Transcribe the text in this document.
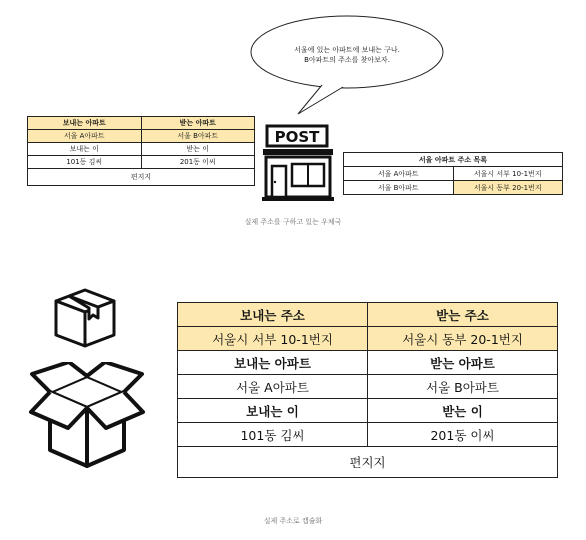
서울에 있는 아파트에 보내는 구나.
B아파트의 주소를 찾아보자.
보내는 아파트	받는 아파트
서울 A아파트	서울 B아파트
보내는 이	받는 이
101동 김씨	201동 이씨
편지지	
POST
서울 아파트 주소 목록	
서울 A아파트	서울시 서부 10-1번지
서울 B아파트	서울시 동부 20-1번지
실제 주소를 구하고 있는 우체국
보내는 주소	받는 주소
서울시 서부 10-1번지	서울시 동부 20-1번지
보내는 아파트	받는 아파트
서울 A아파트	서울 B아파트
보내는 이	받는 이
101동 김씨	201동 이씨
편지지	
실제 주소로 캡슐화
